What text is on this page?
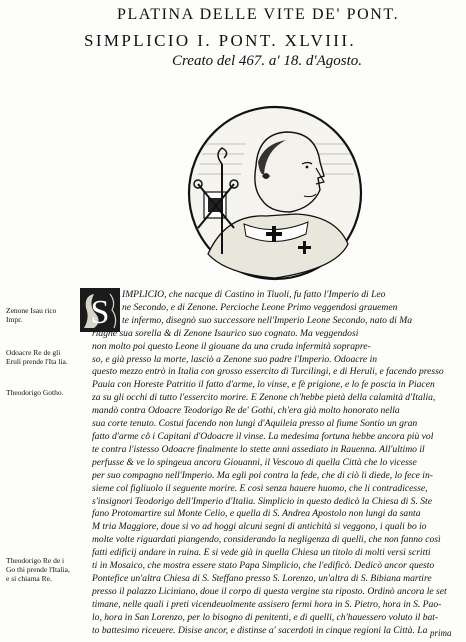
PLATINA DELLE VITE DE' PONT.
SIMPLICIO I. PONT. XLVIII.
Creato del 467. a' 18. d'Agosto.
Zenone Isau rico Impr.
Odoacre Re de gli Eruli prende l'Ita lia.
Theodorigo Gotho.
Theodorigo Re de i Go thi prende l'Italia, e si chiama Re.
S	IMPLICIO, che nacque di Castino in Tiuoli, fu fatto l'Imperio di Leo
ne Secondo, e di Zenone. Percioche Leone Primo veggendosi grauemen
te infermo, disegnò suo successore nell'Imperio Leone Secondo, nato di Ma
riagne sua sorella & di Zenone Isaurico suo cognato. Ma veggendosi
non molto poi questo Leone il giouane da una cruda infermità soprapre-
so, e già presso la morte, lasciò a Zenone suo padre l'Imperio. Odoacre in
questo mezzo entrò in Italia con grosso essercito di Turcilingi, e di Heruli, e facendo presso
Pauia con Horeste Patritio il fatto d'arme, lo vinse, e fè prigione, e lo fe poscia in Piacen
za su gli occhi di tutto l'essercito morire. E Zenone ch'hebbe pietà della calamità d'Italia,
mandò contra Odoacre Teodorigo Re de' Gothi, ch'era già molto honorato nella
sua corte tenuto. Costui facendo non lungi d'Aquileia presso al fiume Sontio un gran
fatto d'arme cô i Capitani d'Odoacre il vinse. La medesima fortuna hebbe ancora più vol
te contra l'istesso Odoacre finalmente lo stette anni assediato in Rauenna. All'ultimo il
perfusse & ve lo spingeua ancora Giouanni, il Vescouo di quella Città che lo vicesse
per suo compagno nell'Imperio. Ma egli poi contra la fede, che di ciò li diede, lo fece in-
sieme col figliuolo il seguente morire. E così senza hauere huomo, che li contradicesse,
s'insignori Teodorigo dell'Imperio d'Italia. Simplicio in questo dedicò la Chiesa di S. Ste
fano Protomartire sul Monte Celio, e quella di S. Andrea Apostolo non lungi da santa
M tria Maggiore, doue si vo ad hoggi alcuni segni di antichità si veggono, i quali bo io
molte volte riguardati piangendo, considerando la negligenza di quelli, che non fanno così
fatti edificij andare in ruina. E si vede già in quella Chiesa un titolo di molti versi scritti
ti in Mosaico, che mostra essere stato Papa Simplicio, che l'edificò. Dedicò ancor questo
Pontefice un'altra Chiesa di S. Steffano presso S. Lorenzo, un'altra di S. Bibiana martire
presso il palazzo Liciniano, doue il corpo di questa vergine sta riposto. Ordinò ancora le set
timane, nelle quali i preti vicendeuolmente assisero fermi hora in S. Pietro, hora in S. Pao-
lo, hora in San Lorenzo, per lo bisogno di penitenti, e di quelli, ch'hauessero voluto il bat-
to battesimo riceuere. Disise ancor, e distinse a' sacerdoti in cinque regioni la Città. La prima
